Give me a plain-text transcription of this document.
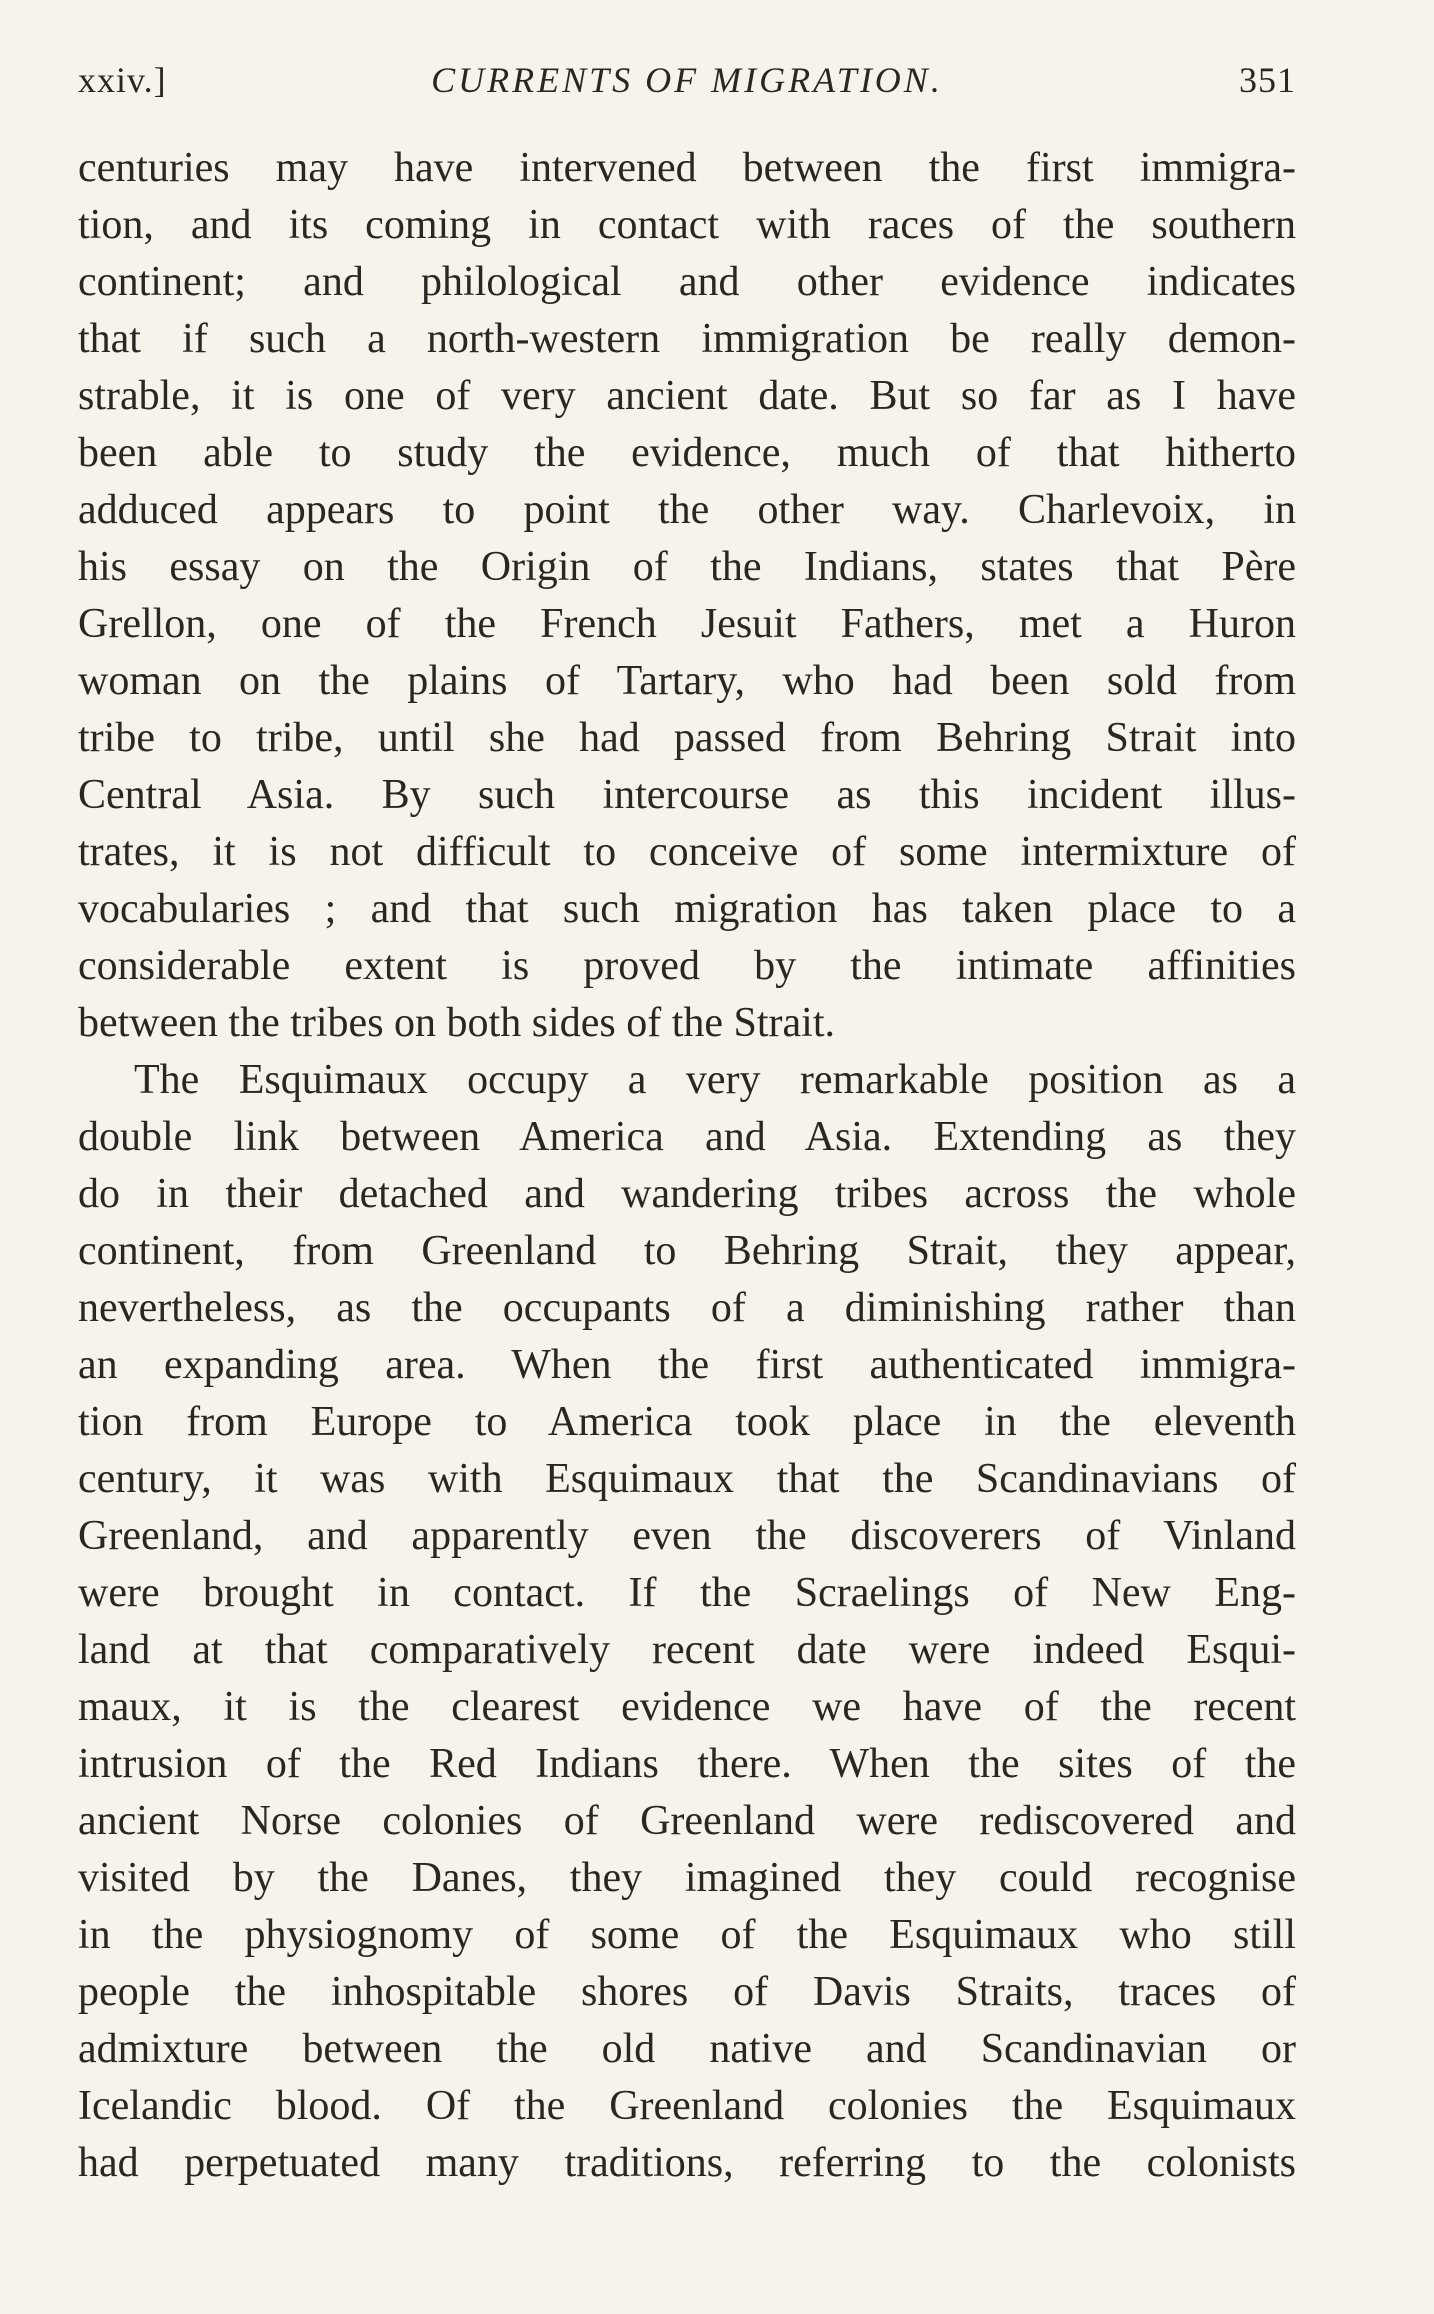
xxiv.]	CURRENTS OF MIGRATION.	351
centuries may have intervened between the first immigra-
tion, and its coming in contact with races of the southern
continent; and philological and other evidence indicates
that if such a north-western immigration be really demon-
strable, it is one of very ancient date. But so far as I have
been able to study the evidence, much of that hitherto
adduced appears to point the other way. Charlevoix, in
his essay on the Origin of the Indians, states that Père
Grellon, one of the French Jesuit Fathers, met a Huron
woman on the plains of Tartary, who had been sold from
tribe to tribe, until she had passed from Behring Strait into
Central Asia. By such intercourse as this incident illus-
trates, it is not difficult to conceive of some intermixture of
vocabularies ; and that such migration has taken place to a
considerable extent is proved by the intimate affinities
between the tribes on both sides of the Strait.
The Esquimaux occupy a very remarkable position as a
double link between America and Asia. Extending as they
do in their detached and wandering tribes across the whole
continent, from Greenland to Behring Strait, they appear,
nevertheless, as the occupants of a diminishing rather than
an expanding area. When the first authenticated immigra-
tion from Europe to America took place in the eleventh
century, it was with Esquimaux that the Scandinavians of
Greenland, and apparently even the discoverers of Vinland
were brought in contact. If the Scraelings of New Eng-
land at that comparatively recent date were indeed Esqui-
maux, it is the clearest evidence we have of the recent
intrusion of the Red Indians there. When the sites of the
ancient Norse colonies of Greenland were rediscovered and
visited by the Danes, they imagined they could recognise
in the physiognomy of some of the Esquimaux who still
people the inhospitable shores of Davis Straits, traces of
admixture between the old native and Scandinavian or
Icelandic blood. Of the Greenland colonies the Esquimaux
had perpetuated many traditions, referring to the colonists
